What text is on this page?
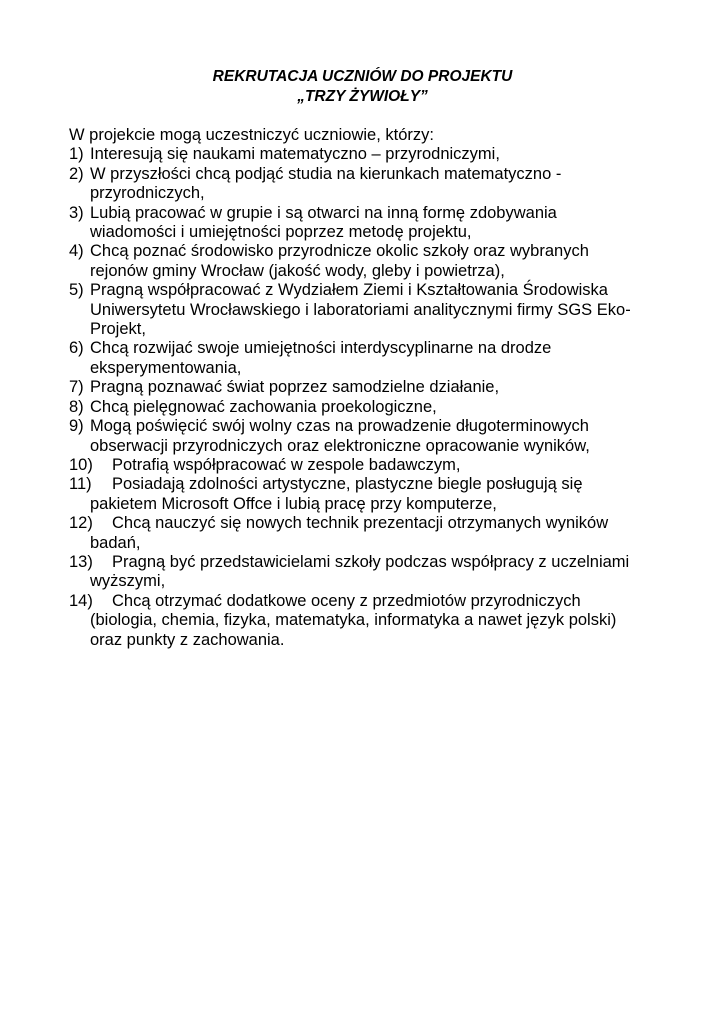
REKRUTACJA UCZNIÓW DO PROJEKTU
„TRZY ŻYWIOŁY”
W projekcie mogą uczestniczyć uczniowie, którzy:
1) Interesują się naukami matematyczno – przyrodniczymi,
2) W przyszłości chcą podjąć studia na kierunkach matematyczno -
przyrodniczych,
3) Lubią pracować w grupie i są otwarci na inną formę zdobywania
wiadomości i umiejętności poprzez metodę projektu,
4) Chcą poznać środowisko przyrodnicze okolic szkoły oraz wybranych
rejonów gminy Wrocław (jakość wody, gleby i powietrza),
5) Pragną współpracować z Wydziałem Ziemi i Kształtowania Środowiska
Uniwersytetu Wrocławskiego i laboratoriami analitycznymi firmy SGS Eko-
Projekt,
6) Chcą rozwijać swoje umiejętności interdyscyplinarne na drodze
eksperymentowania,
7) Pragną poznawać świat poprzez samodzielne działanie,
8) Chcą pielęgnować zachowania proekologiczne,
9) Mogą poświęcić swój wolny czas na prowadzenie długoterminowych
obserwacji przyrodniczych oraz elektroniczne opracowanie wyników,
10)	Potrafią współpracować w zespole badawczym,
11)	Posiadają zdolności artystyczne, plastyczne biegle posługują się
pakietem Microsoft Offce i lubią pracę przy komputerze,
12)	Chcą nauczyć się nowych technik prezentacji otrzymanych wyników
badań,
13)	Pragną być przedstawicielami szkoły podczas współpracy z uczelniami
wyższymi,
14)	Chcą otrzymać dodatkowe oceny z przedmiotów przyrodniczych
(biologia, chemia, fizyka, matematyka, informatyka a nawet język polski)
oraz punkty z zachowania.
